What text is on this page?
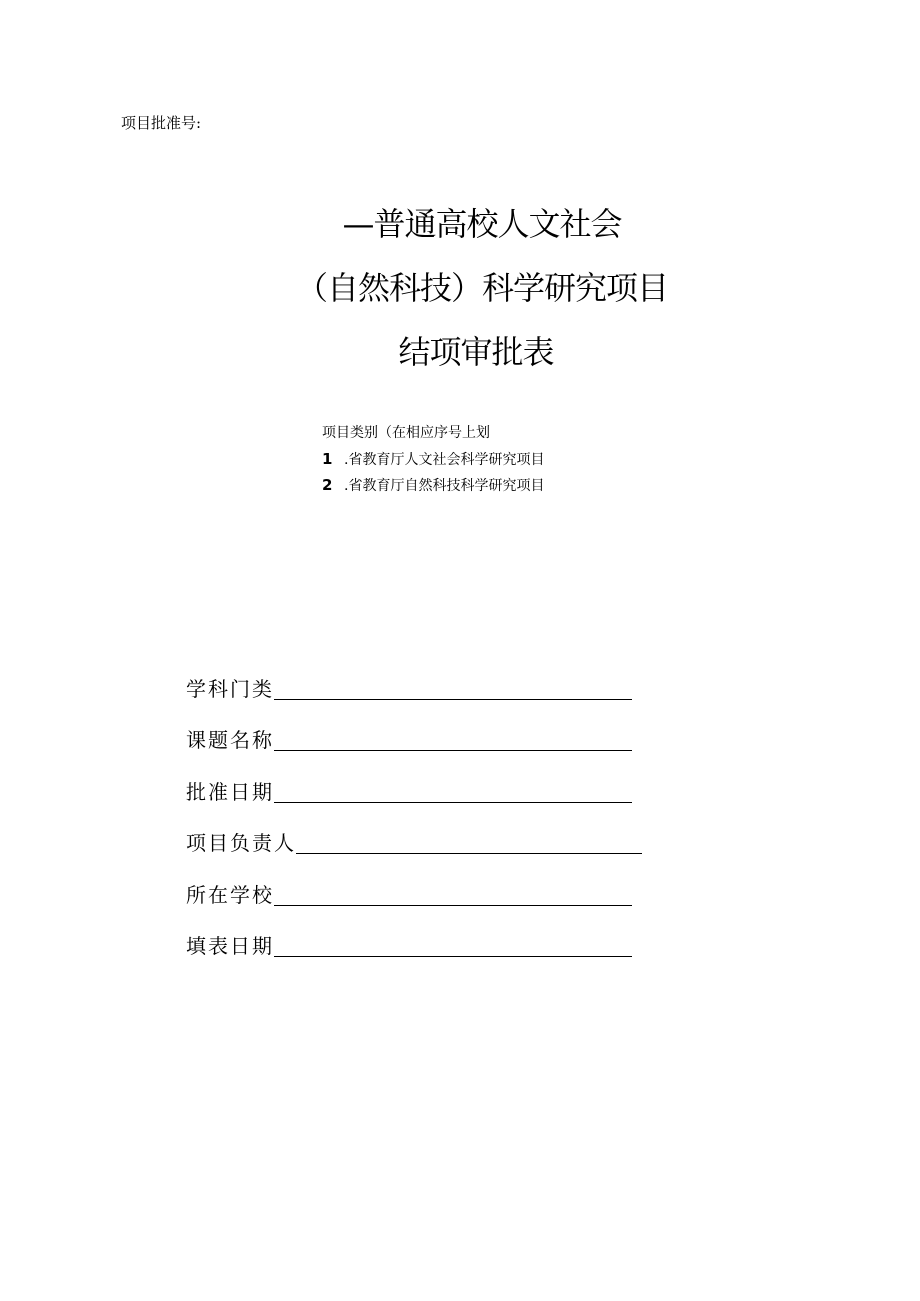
项目批准号:
—普通高校人文社会
（自然科技）科学研究项目
结项审批表
项目类别（在相应序号上划
1 .省教育厅人文社会科学研究项目
2 .省教育厅自然科技科学研究项目
学科门类
课题名称
批准日期
项目负责人
所在学校
填表日期
